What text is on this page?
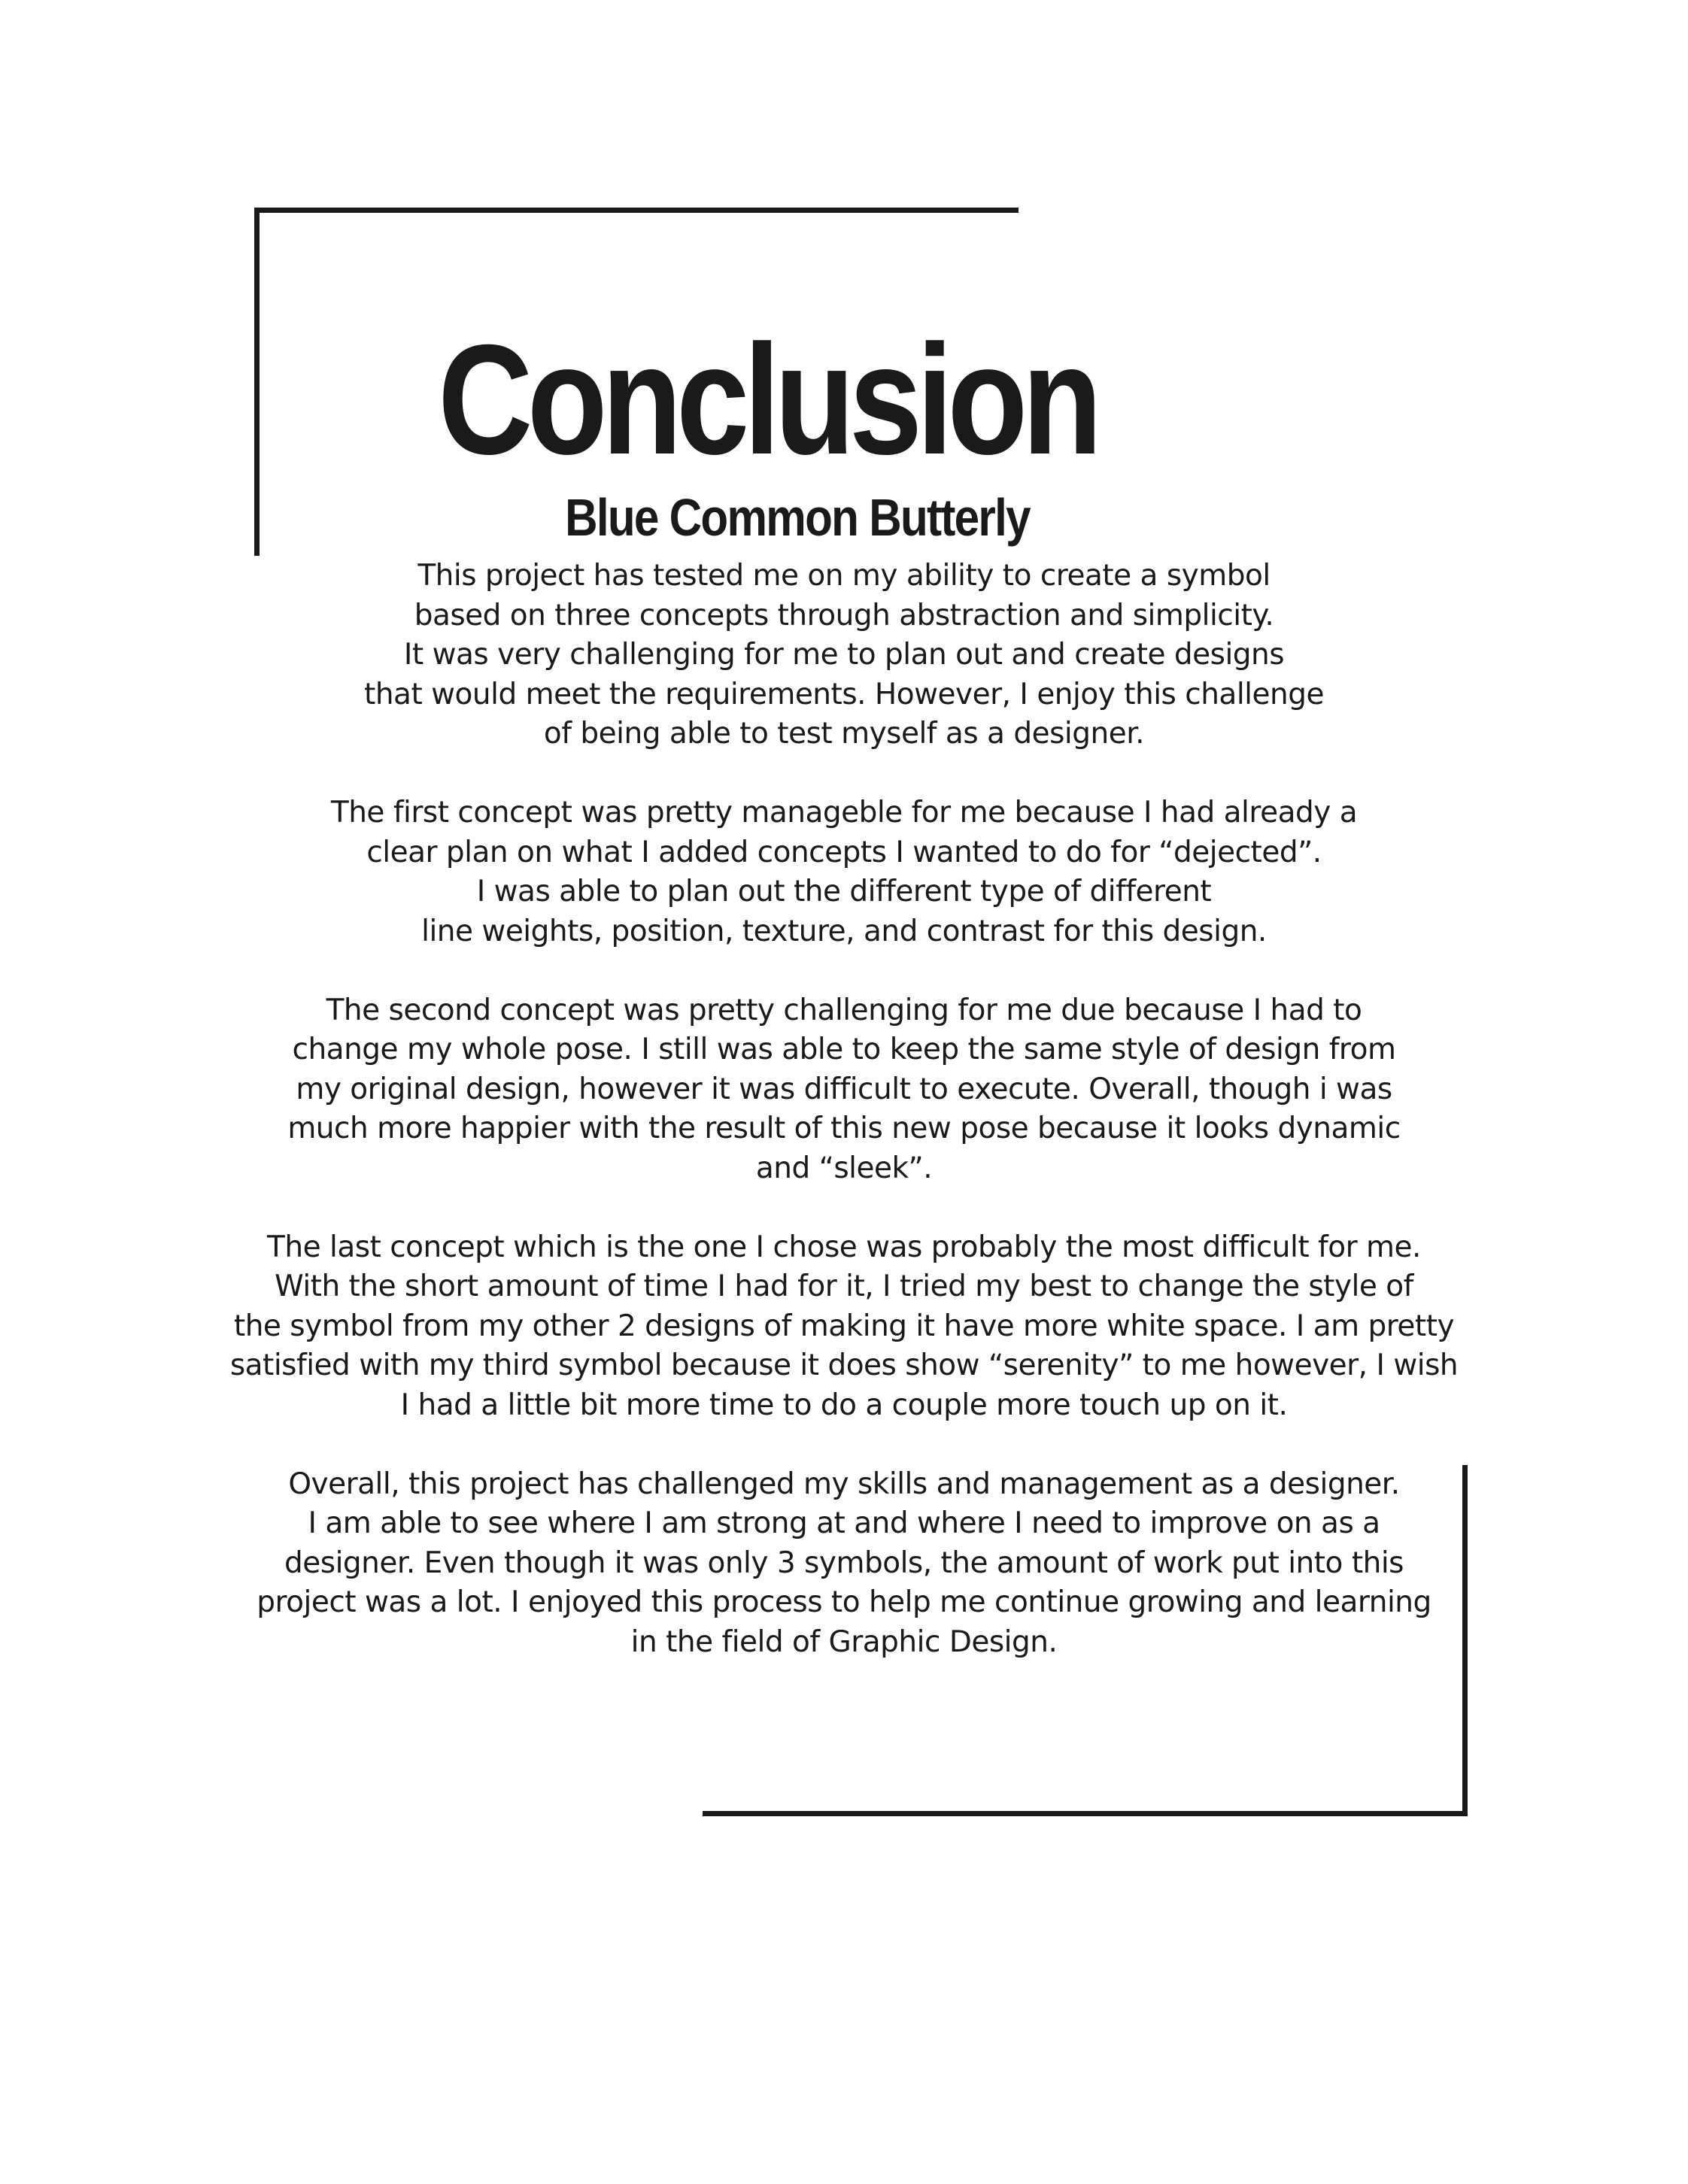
Conclusion
Blue Common Butterly
This project has tested me on my ability to create a symbol
based on three concepts through abstraction and simplicity.
It was very challenging for me to plan out and create designs
that would meet the requirements. However, I enjoy this challenge
of being able to test myself as a designer.
The first concept was pretty manageble for me because I had already a
clear plan on what I added concepts I wanted to do for “dejected”.
I was able to plan out the different type of different
line weights, position, texture, and contrast for this design.
The second concept was pretty challenging for me due because I had to
change my whole pose. I still was able to keep the same style of design from
my original design, however it was difficult to execute. Overall, though i was
much more happier with the result of this new pose because it looks dynamic
and “sleek”.
The last concept which is the one I chose was probably the most difficult for me.
With the short amount of time I had for it, I tried my best to change the style of
the symbol from my other 2 designs of making it have more white space. I am pretty
satisfied with my third symbol because it does show “serenity” to me however, I wish
I had a little bit more time to do a couple more touch up on it.
Overall, this project has challenged my skills and management as a designer.
I am able to see where I am strong at and where I need to improve on as a
designer. Even though it was only 3 symbols, the amount of work put into this
project was a lot. I enjoyed this process to help me continue growing and learning
in the field of Graphic Design.
